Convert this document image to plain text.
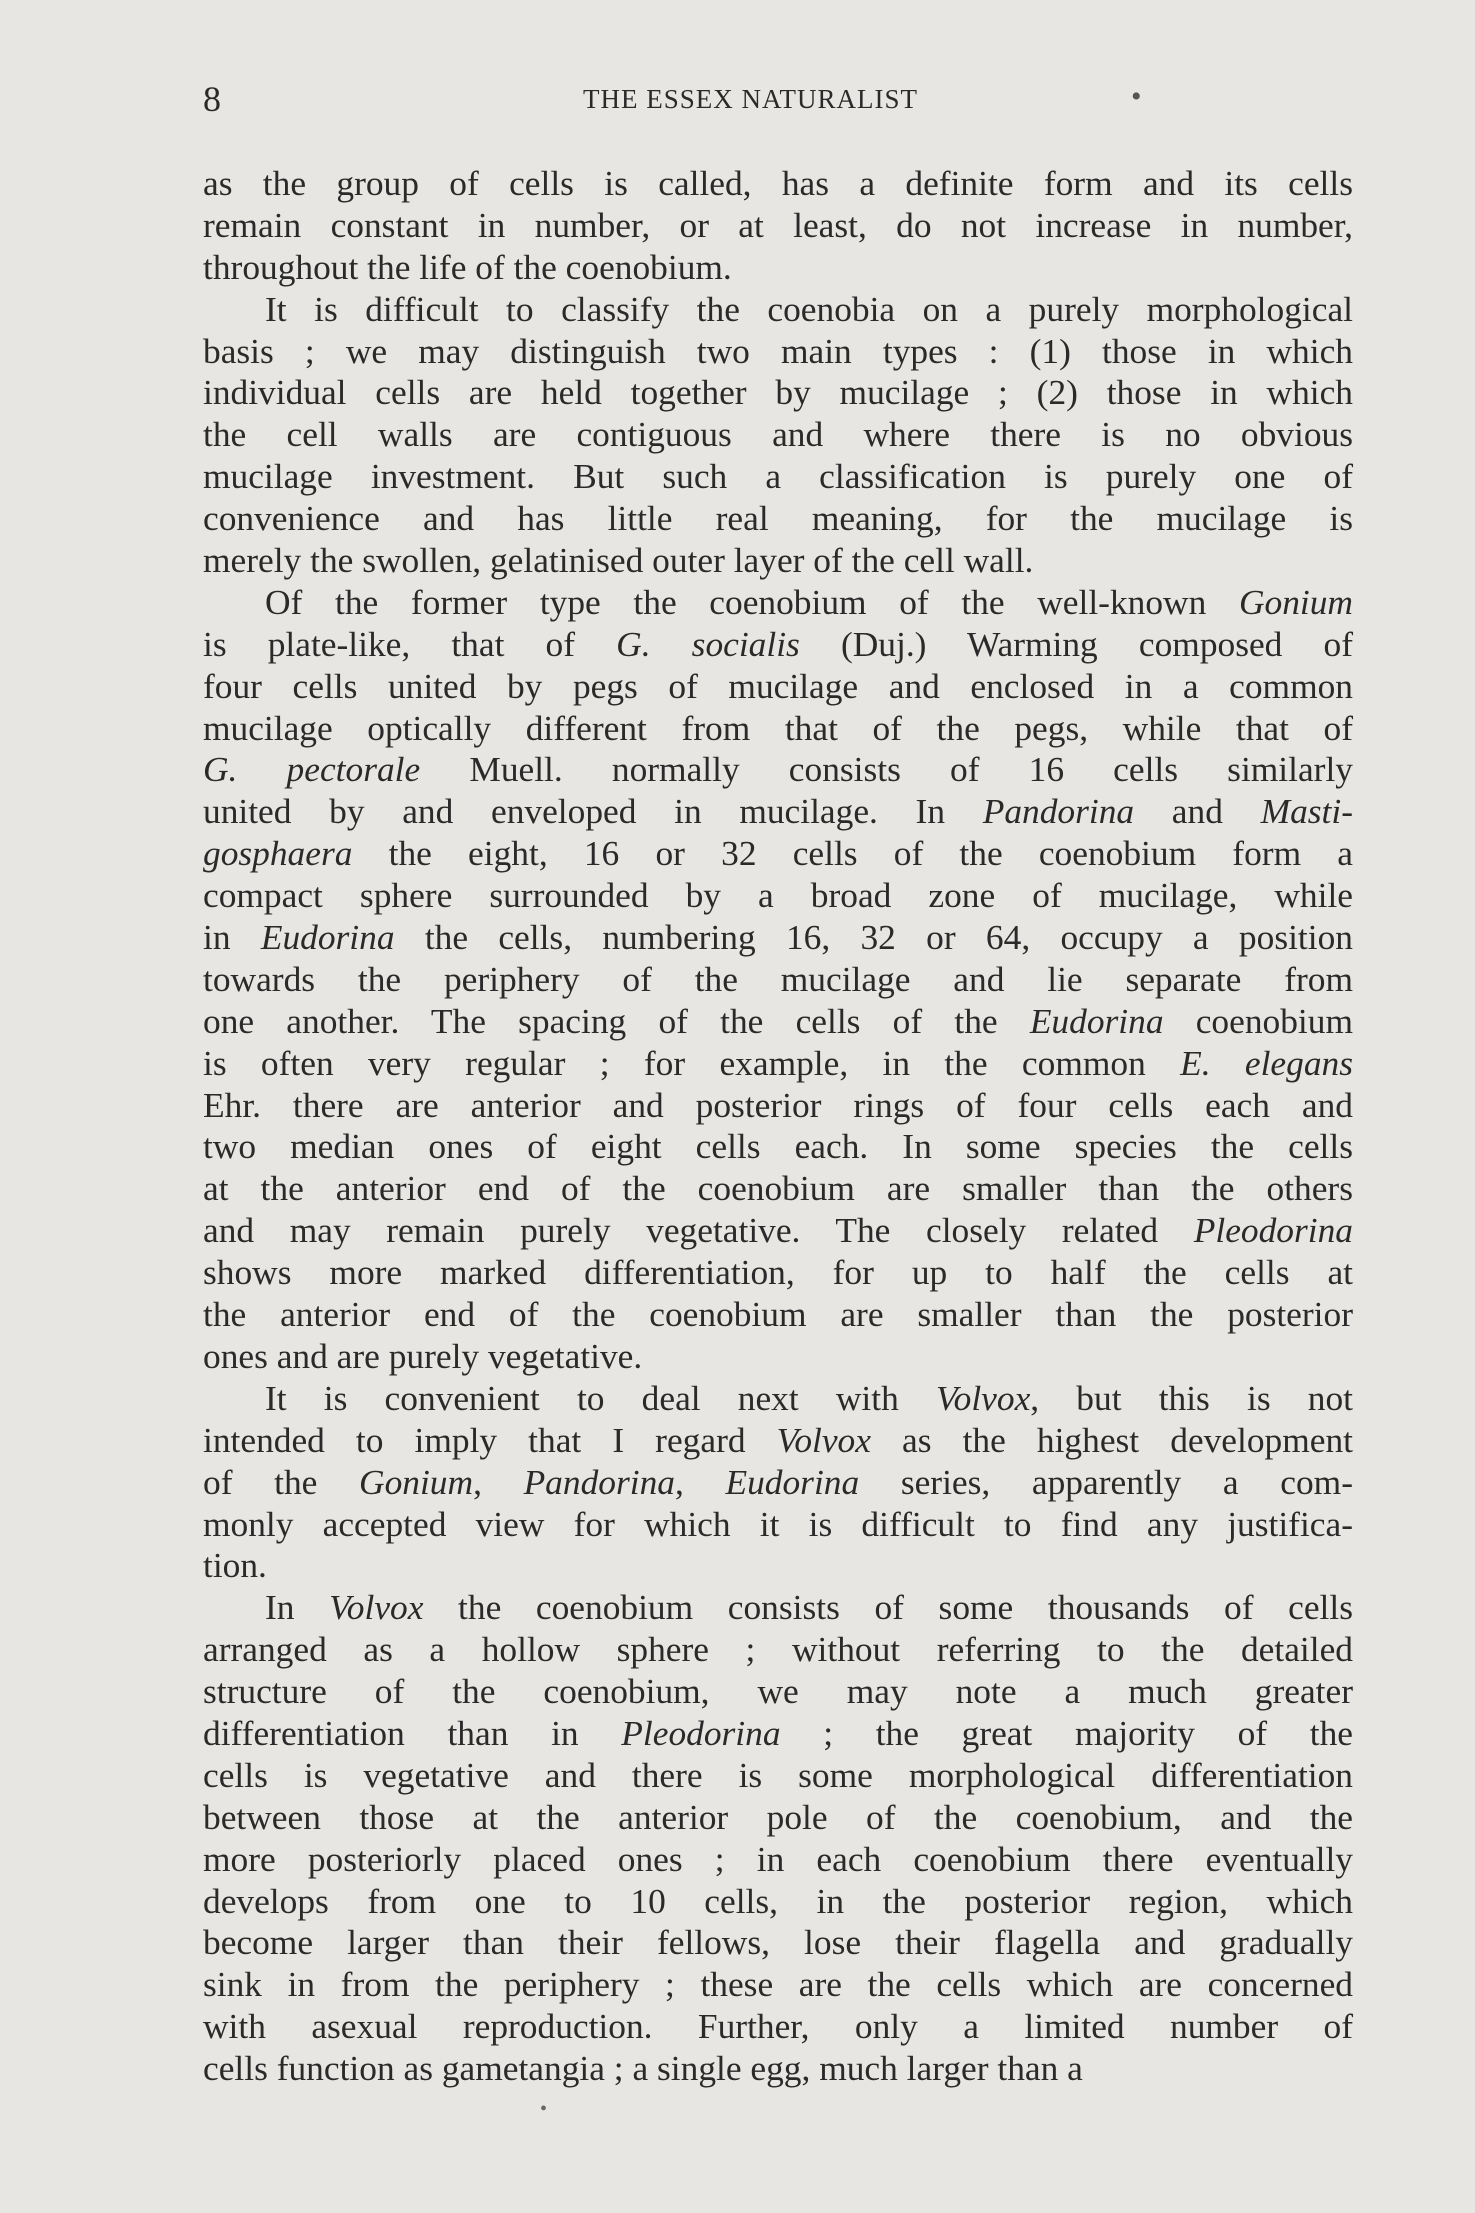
8	THE ESSEX NATURALIST	•
as the group of cells is called, has a definite form and its cells
remain constant in number, or at least, do not increase in number,
throughout the life of the coenobium.
It is difficult to classify the coenobia on a purely morphological
basis ; we may distinguish two main types : (1) those in which
individual cells are held together by mucilage ; (2) those in which
the cell walls are contiguous and where there is no obvious
mucilage investment. But such a classification is purely one of
convenience and has little real meaning, for the mucilage is
merely the swollen, gelatinised outer layer of the cell wall.
Of the former type the coenobium of the well-known Gonium
is plate-like, that of G. socialis (Duj.) Warming composed of
four cells united by pegs of mucilage and enclosed in a common
mucilage optically different from that of the pegs, while that of
G. pectorale Muell. normally consists of 16 cells similarly
united by and enveloped in mucilage. In Pandorina and Masti-
gosphaera the eight, 16 or 32 cells of the coenobium form a
compact sphere surrounded by a broad zone of mucilage, while
in Eudorina the cells, numbering 16, 32 or 64, occupy a position
towards the periphery of the mucilage and lie separate from
one another. The spacing of the cells of the Eudorina coenobium
is often very regular ; for example, in the common E. elegans
Ehr. there are anterior and posterior rings of four cells each and
two median ones of eight cells each. In some species the cells
at the anterior end of the coenobium are smaller than the others
and may remain purely vegetative. The closely related Pleodorina
shows more marked differentiation, for up to half the cells at
the anterior end of the coenobium are smaller than the posterior
ones and are purely vegetative.
It is convenient to deal next with Volvox, but this is not
intended to imply that I regard Volvox as the highest development
of the Gonium, Pandorina, Eudorina series, apparently a com-
monly accepted view for which it is difficult to find any justifica-
tion.
In Volvox the coenobium consists of some thousands of cells
arranged as a hollow sphere ; without referring to the detailed
structure of the coenobium, we may note a much greater
differentiation than in Pleodorina ; the great majority of the
cells is vegetative and there is some morphological differentiation
between those at the anterior pole of the coenobium, and the
more posteriorly placed ones ; in each coenobium there eventually
develops from one to 10 cells, in the posterior region, which
become larger than their fellows, lose their flagella and gradually
sink in from the periphery ; these are the cells which are concerned
with asexual reproduction. Further, only a limited number of
cells function as gametangia ; a single egg, much larger than a
•
